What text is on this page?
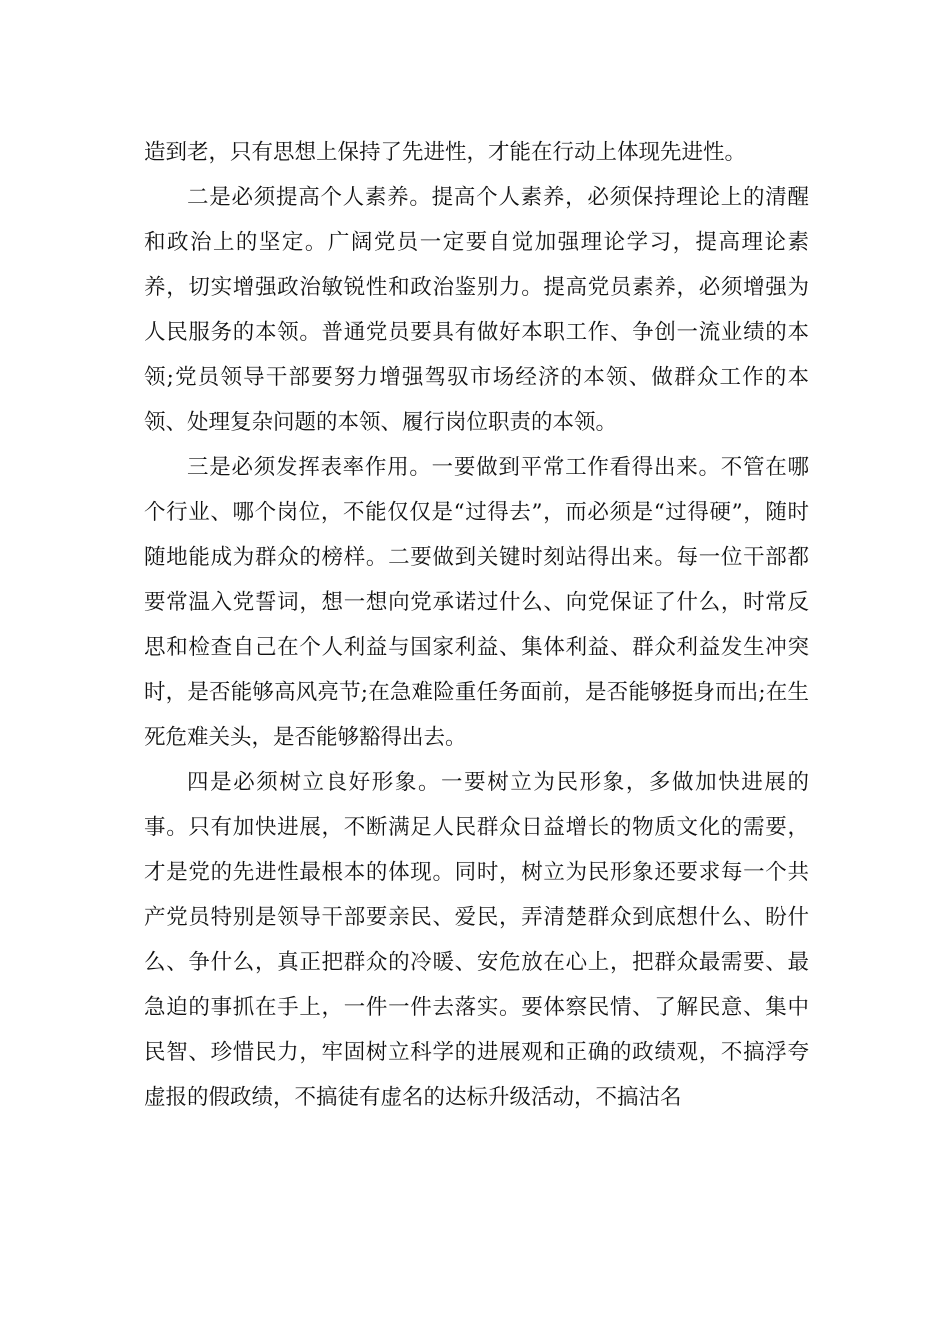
造到老，只有思想上保持了先进性，才能在行动上体现先进性。

二是必须提高个人素养。提高个人素养，必须保持理论上的清醒和政治上的坚定。广阔党员一定要自觉加强理论学习，提高理论素养，切实增强政治敏锐性和政治鉴别力。提高党员素养，必须增强为人民服务的本领。普通党员要具有做好本职工作、争创一流业绩的本领;党员领导干部要努力增强驾驭市场经济的本领、做群众工作的本领、处理复杂问题的本领、履行岗位职责的本领。

三是必须发挥表率作用。一要做到平常工作看得出来。不管在哪个行业、哪个岗位，不能仅仅是“过得去”，而必须是“过得硬”，随时随地能成为群众的榜样。二要做到关键时刻站得出来。每一位干部都要常温入党誓词，想一想向党承诺过什么、向党保证了什么，时常反思和检查自己在个人利益与国家利益、集体利益、群众利益发生冲突时，是否能够高风亮节;在急难险重任务面前，是否能够挺身而出;在生死危难关头，是否能够豁得出去。

四是必须树立良好形象。一要树立为民形象，多做加快进展的事。只有加快进展，不断满足人民群众日益增长的物质文化的需要，才是党的先进性最根本的体现。同时，树立为民形象还要求每一个共产党员特别是领导干部要亲民、爱民，弄清楚群众到底想什么、盼什么、争什么，真正把群众的冷暖、安危放在心上，把群众最需要、最急迫的事抓在手上，一件一件去落实。要体察民情、了解民意、集中民智、珍惜民力，牢固树立科学的进展观和正确的政绩观，不搞浮夸虚报的假政绩，不搞徒有虚名的达标升级活动，不搞沽名
